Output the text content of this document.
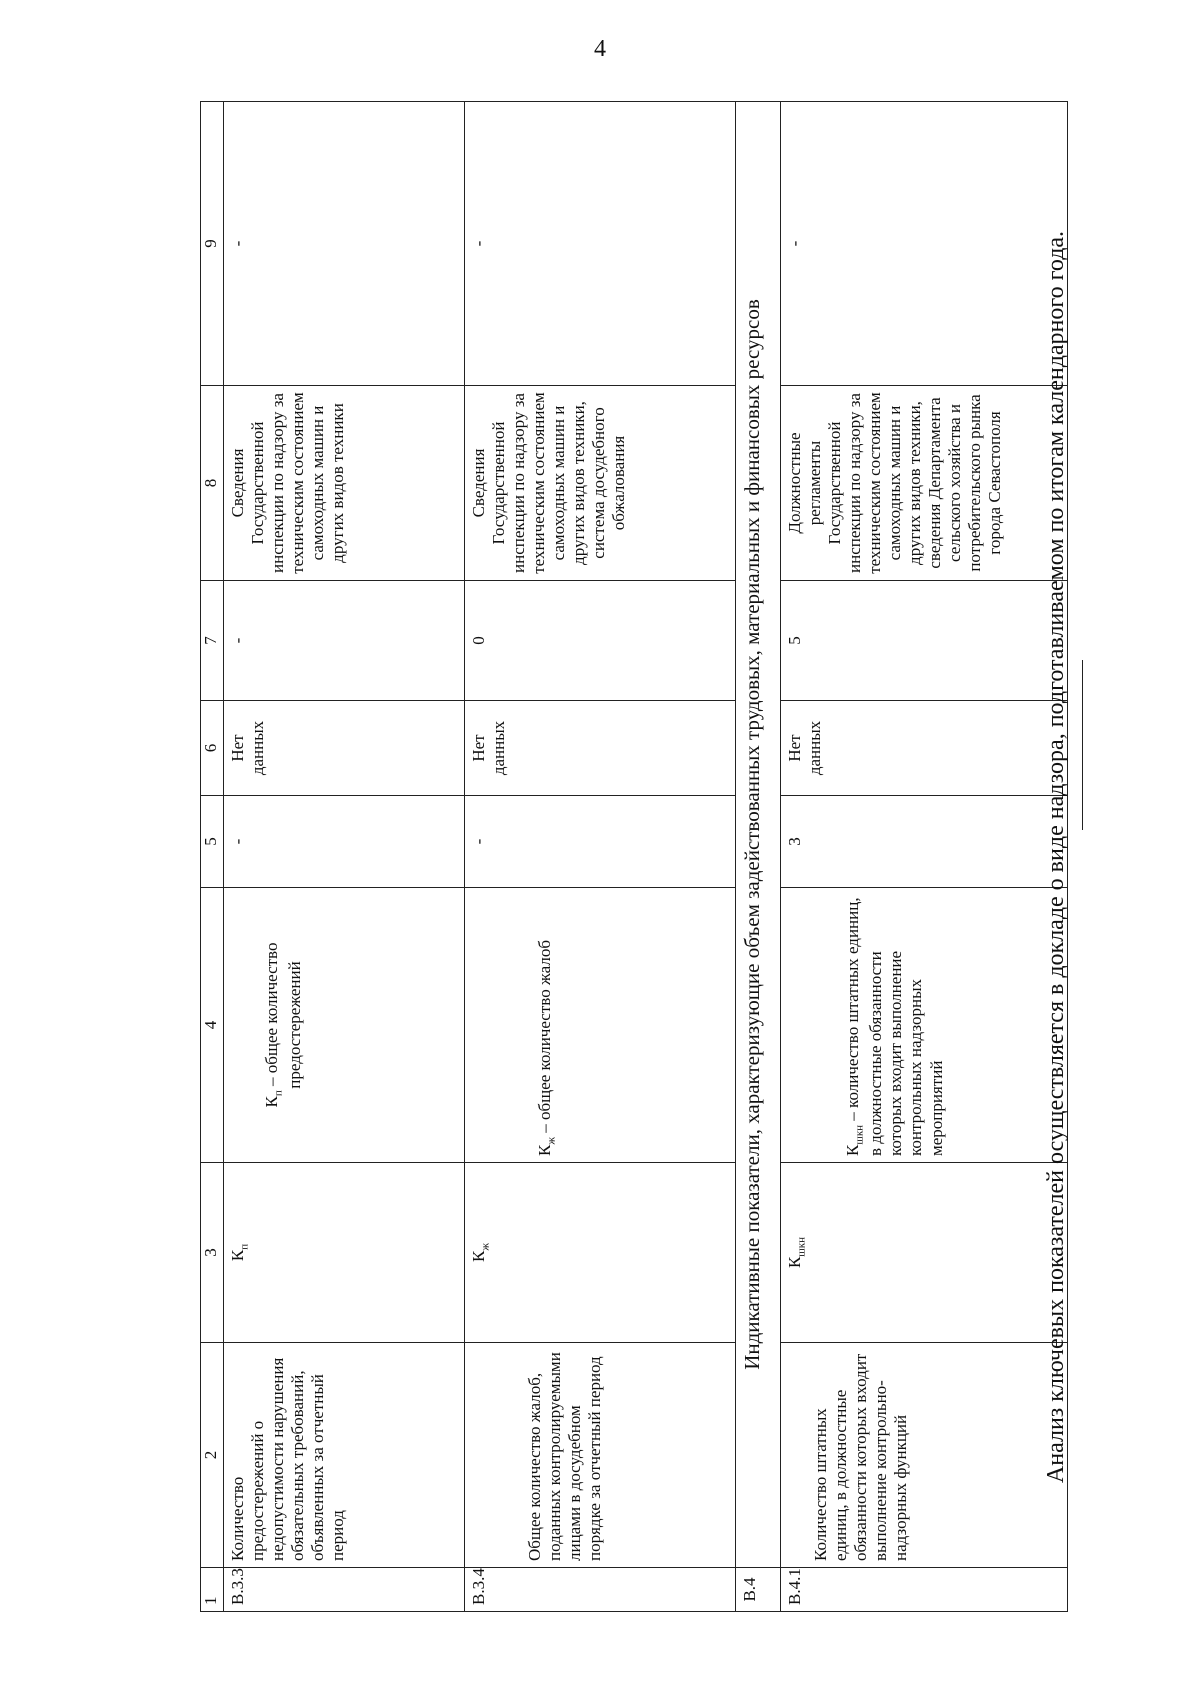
4
1	2	3	4	5	6	7	8	9
В.3.3	Количество предостережений о недопустимости нарушения обязательных требований, объявленных за отчетный период	$К_п$	$К_п$ – общее количество предостережений	-	Нет данных	-	Сведения Государственной инспекции по надзору за техническим состоянием самоходных машин и других видов техники	-
В.3.4	Общее количество жалоб, поданных контролируемыми лицами в досудебном порядке за отчетный период	$К_ж$	$К_ж$ – общее количество жалоб	-	Нет данных	0	Сведения Государственной инспекции по надзору за техническим состоянием самоходных машин и других видов техники, система досудебного обжалования	-
В.4	Индикативные показатели, характеризующие объем задействованных трудовых, материальных и финансовых ресурсов							
В.4.1	Количество штатных единиц, в должностные обязанности которых входит выполнение контрольно-надзорных функций	$К_{шкн}$	$К_{шкн}$ – количество штатных единиц, в должностные обязанности которых входит выполнение контрольных надзорных мероприятий	3	Нет данных	5	Должностные регламенты Государственной инспекции по надзору за техническим состоянием самоходных машин и других видов техники, сведения Департамента сельского хозяйства и потребительского рынка города Севастополя	-	Анализ ключевых показателей осуществляется в докладе о виде надзора, подготавливаемом по итогам календарного года.
